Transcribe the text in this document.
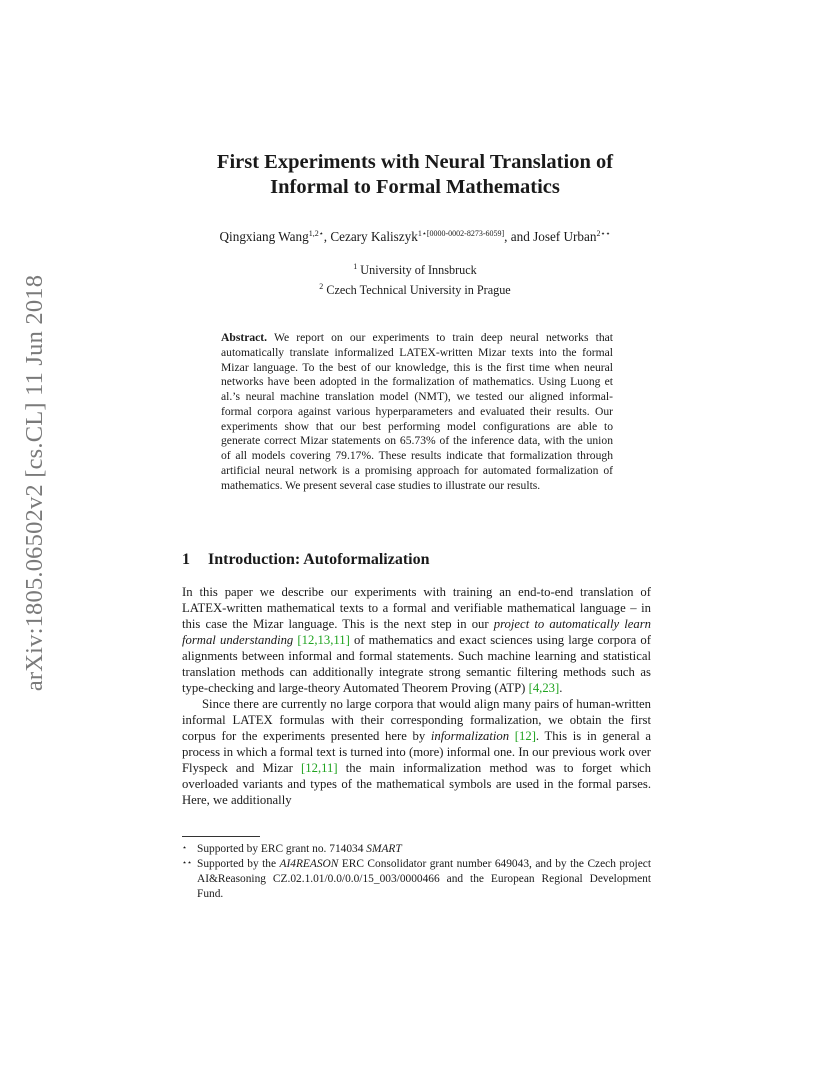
arXiv:1805.06502v2 [cs.CL] 11 Jun 2018
First Experiments with Neural Translation of
Informal to Formal Mathematics
Qingxiang Wang$^{1,2⋆}$, Cezary Kaliszyk$^{1⋆[0000-0002-8273-6059]}$, and Josef Urban$^{2⋆⋆}$
$^1$ University of Innsbruck
$^2$ Czech Technical University in Prague
Abstract. We report on our experiments to train deep neural networks that automatically translate informalized LATEX-written Mizar texts into the formal Mizar language. To the best of our knowledge, this is the first time when neural networks have been adopted in the formalization of mathematics. Using Luong et al.’s neural machine translation model (NMT), we tested our aligned informal-formal corpora against various hyperparameters and evaluated their results. Our experiments show that our best performing model configurations are able to generate correct Mizar statements on 65.73% of the inference data, with the union of all models covering 79.17%. These results indicate that formalization through artificial neural network is a promising approach for automated formalization of mathematics. We present several case studies to illustrate our results.
1 Introduction: Autoformalization

In this paper we describe our experiments with training an end-to-end translation of LATEX-written mathematical texts to a formal and verifiable mathematical language – in this case the Mizar language. This is the next step in our project to automatically learn formal understanding [12,13,11] of mathematics and exact sciences using large corpora of alignments between informal and formal statements. Such machine learning and statistical translation methods can additionally integrate strong semantic filtering methods such as type-checking and large-theory Automated Theorem Proving (ATP) [4,23].

Since there are currently no large corpora that would align many pairs of human-written informal LATEX formulas with their corresponding formalization, we obtain the first corpus for the experiments presented here by informalization [12]. This is in general a process in which a formal text is turned into (more) informal one. In our previous work over Flyspeck and Mizar [12,11] the main informalization method was to forget which overloaded variants and types of the mathematical symbols are used in the formal parses. Here, we additionally

⋆ Supported by ERC grant no. 714034 SMART
⋆⋆ Supported by the AI4REASON ERC Consolidator grant number 649043, and by the Czech project AI&Reasoning CZ.02.1.01/0.0/0.0/15_003/0000466 and the European Regional Development Fund.
